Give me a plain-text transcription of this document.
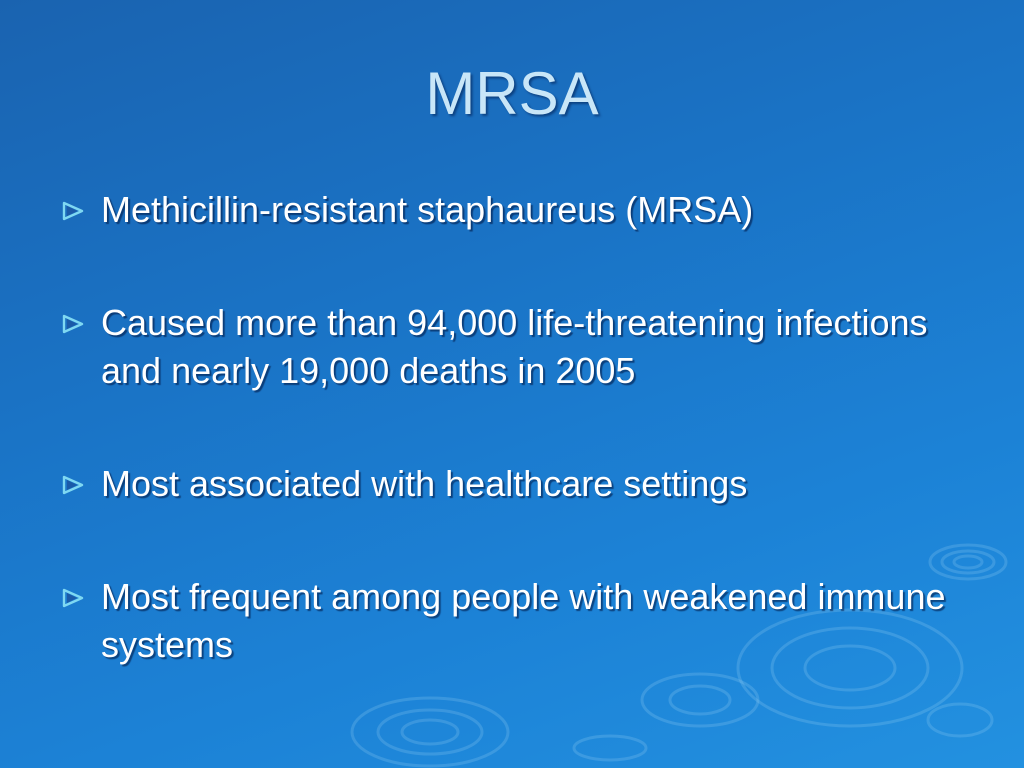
MRSA
Methicillin-resistant staphaureus (MRSA)
Caused more than 94,000 life-threatening infections and nearly 19,000 deaths in 2005
Most associated with healthcare settings
Most frequent among people with weakened immune systems
